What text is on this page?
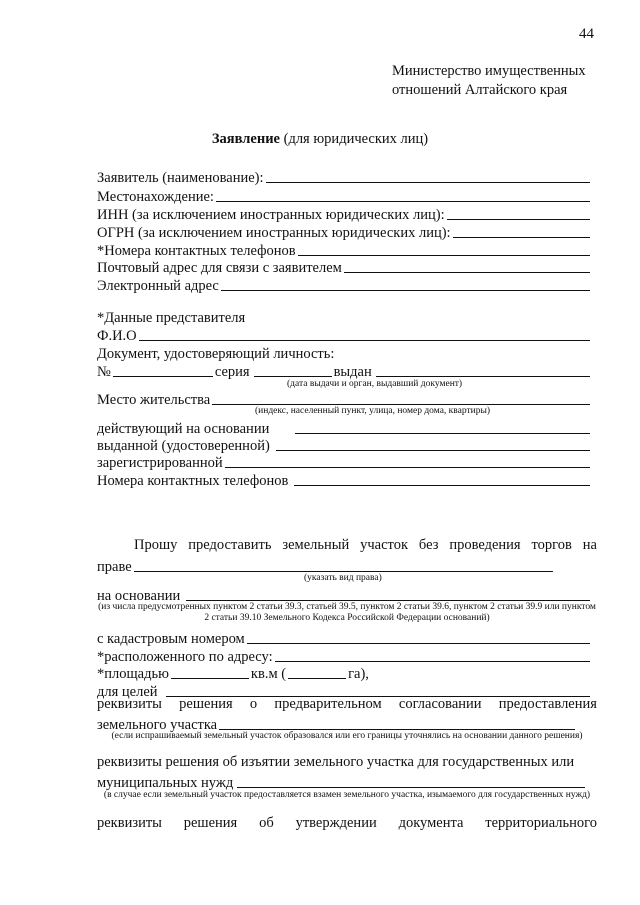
44
Министерство имущественных
отношений Алтайского края
Заявление (для юридических лиц)
Заявитель (наименование):
Местонахождение:
ИНН (за исключением иностранных юридических лиц):
ОГРН (за исключением иностранных юридических лиц):
*Номера контактных телефонов
Почтовый адрес для связи с заявителем
Электронный адрес
*Данные представителя
Ф.И.О
Документ, удостоверяющий личность:
№	серия	выдан
(дата выдачи и орган, выдавший документ)
Место жительства
(индекс, населенный пункт, улица, номер дома, квартиры)
действующий на основании
выданной (удостоверенной)
зарегистрированной
Номера контактных телефонов
Прошу предоставить земельный участок без проведения торгов на
праве
(указать вид права)
на основании
(из числа предусмотренных пунктом 2 статьи 39.3, статьей 39.5, пунктом 2 статьи 39.6, пунктом 2 статьи 39.9 или пунктом 2 статьи 39.10 Земельного Кодекса Российской Федерации оснований)
с кадастровым номером
*расположенного по адресу:
*площадью	кв.м (	га),
для целей
реквизиты решения о предварительном согласовании предоставления
земельного участка
(если испрашиваемый земельный участок образовался или его границы уточнялись на основании данного решения)
реквизиты решения об изъятии земельного участка для государственных или
муниципальных нужд
(в случае если земельный участок предоставляется взамен земельного участка, изымаемого для государственных нужд)
реквизиты решения об утверждении документа территориального
